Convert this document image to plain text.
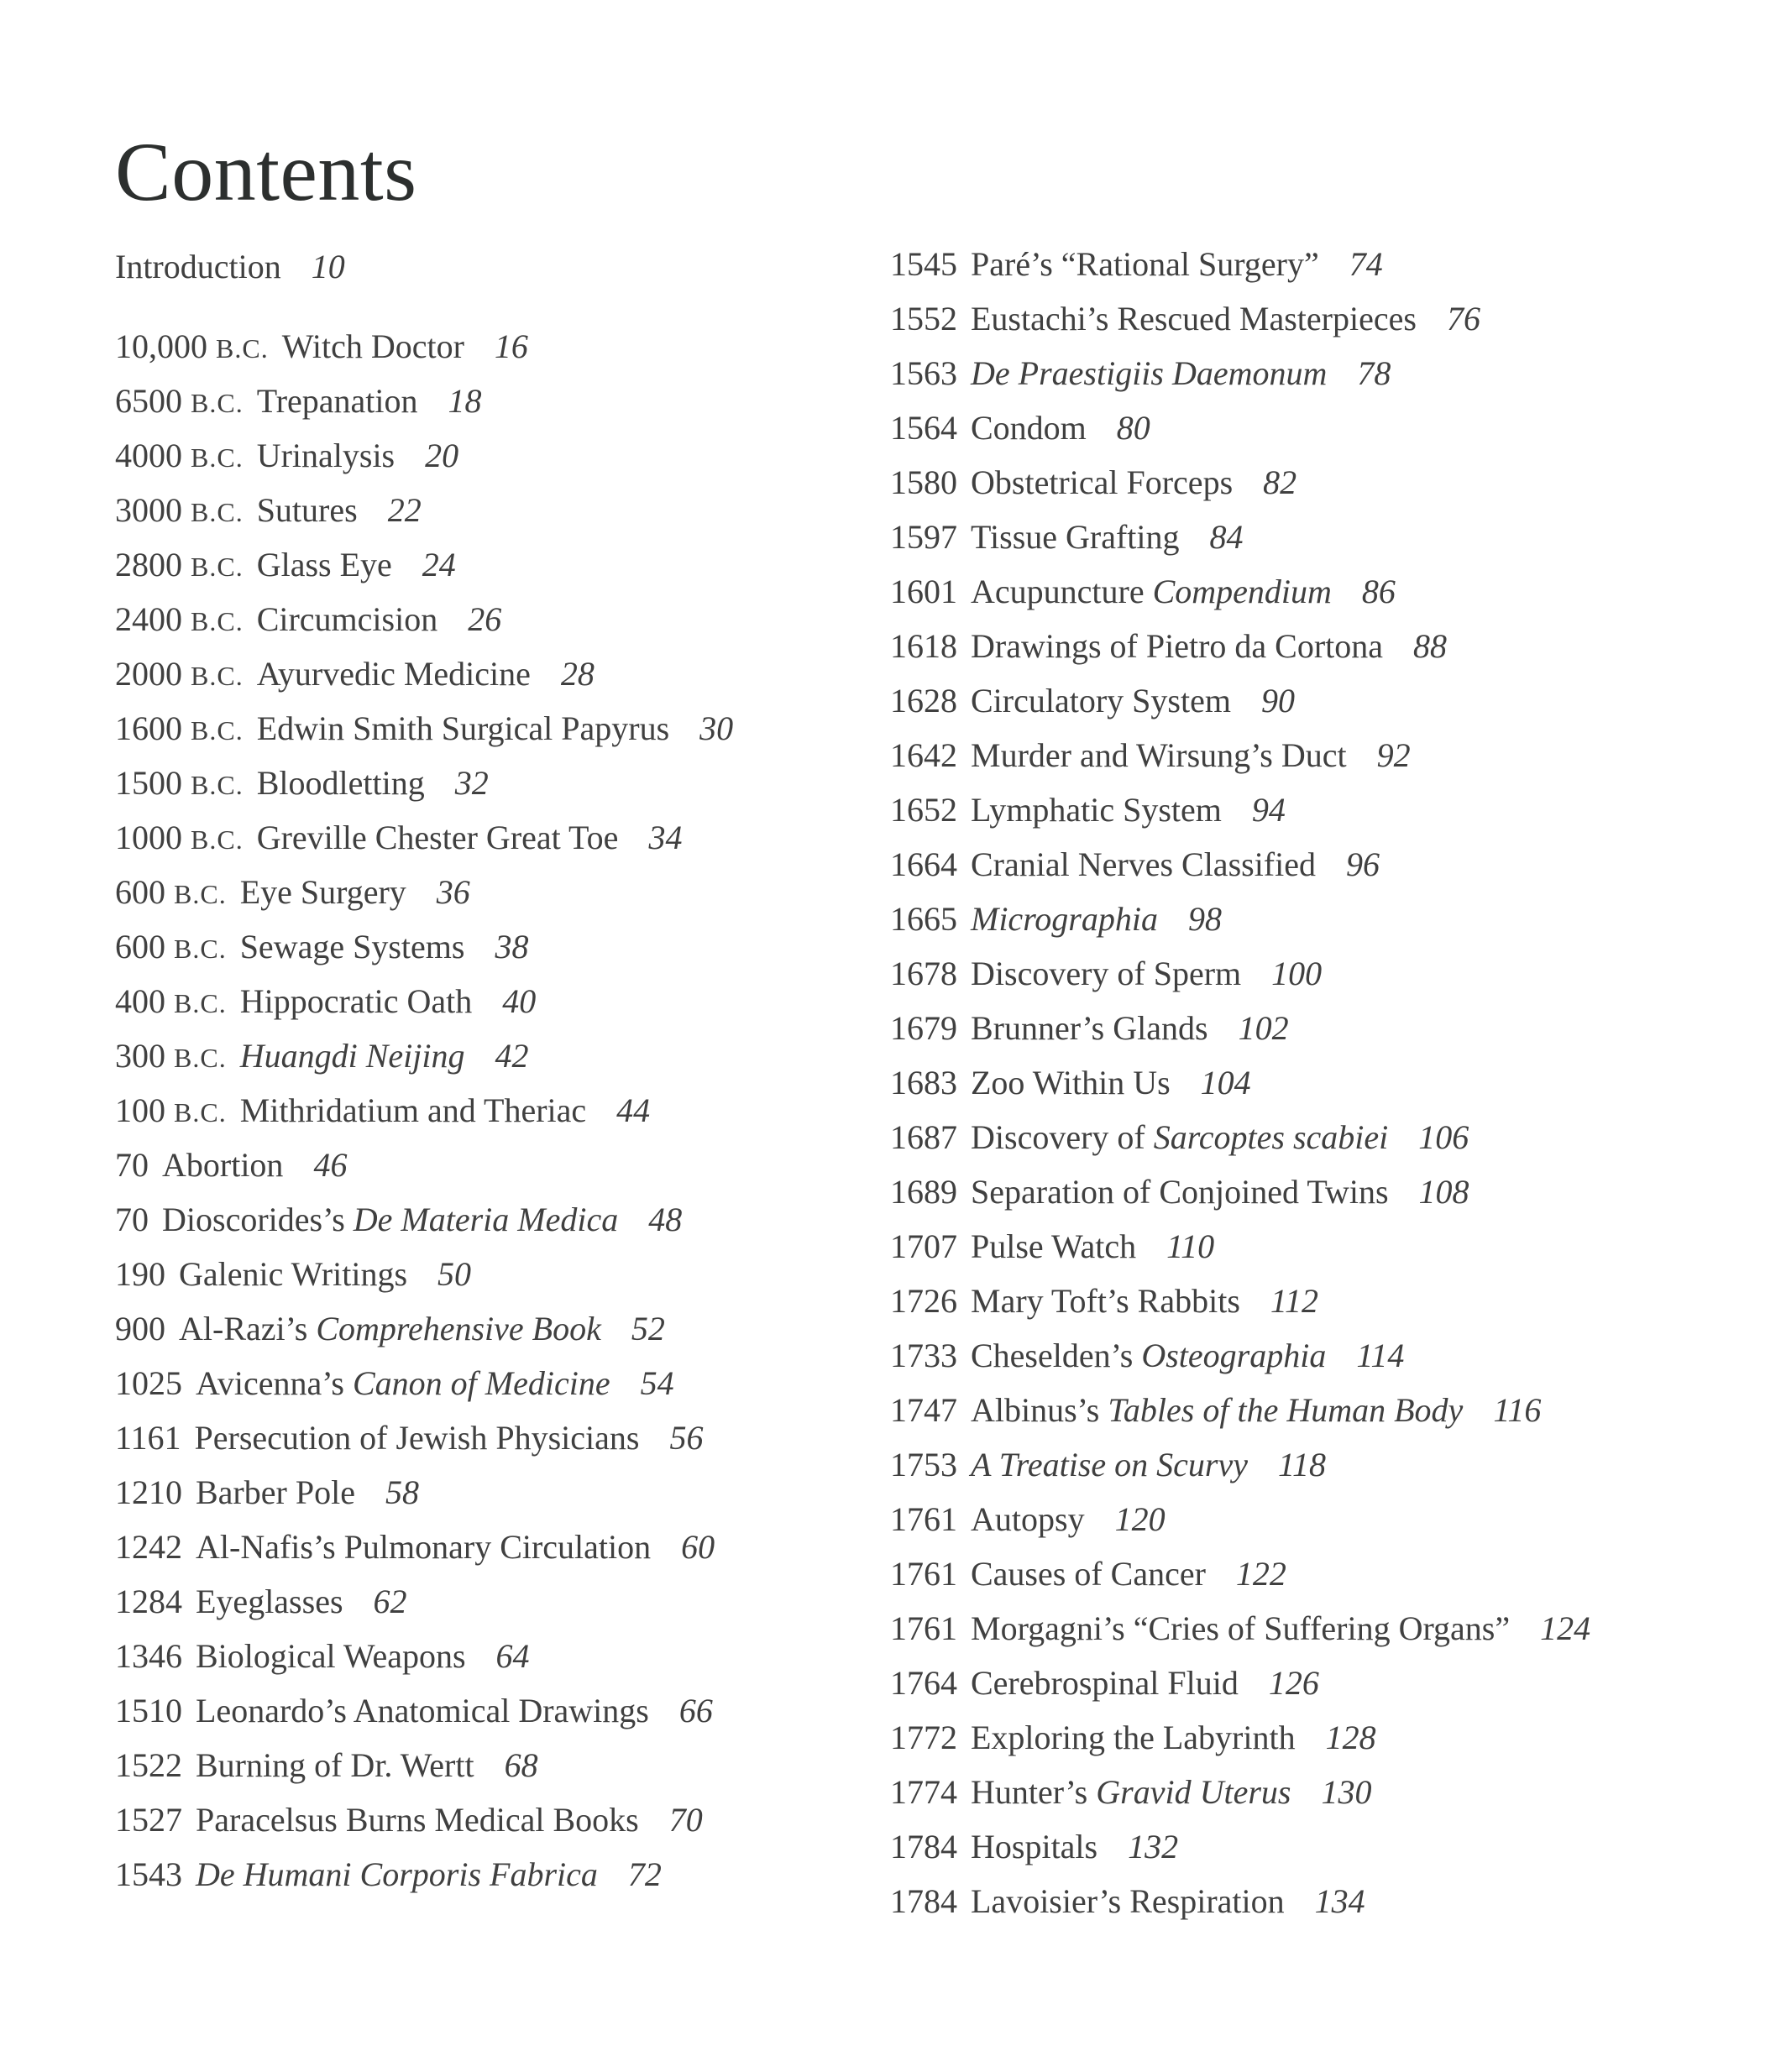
Contents
Introduction 10
10,000 B.C. Witch Doctor 16
6500 B.C. Trepanation 18
4000 B.C. Urinalysis 20
3000 B.C. Sutures 22
2800 B.C. Glass Eye 24
2400 B.C. Circumcision 26
2000 B.C. Ayurvedic Medicine 28
1600 B.C. Edwin Smith Surgical Papyrus 30
1500 B.C. Bloodletting 32
1000 B.C. Greville Chester Great Toe 34
600 B.C. Eye Surgery 36
600 B.C. Sewage Systems 38
400 B.C. Hippocratic Oath 40
300 B.C. Huangdi Neijing 42
100 B.C. Mithridatium and Theriac 44
70 Abortion 46
70 Dioscorides’s De Materia Medica 48
190 Galenic Writings 50
900 Al-Razi’s Comprehensive Book 52
1025 Avicenna’s Canon of Medicine 54
1161 Persecution of Jewish Physicians 56
1210 Barber Pole 58
1242 Al-Nafis’s Pulmonary Circulation 60
1284 Eyeglasses 62
1346 Biological Weapons 64
1510 Leonardo’s Anatomical Drawings 66
1522 Burning of Dr. Wertt 68
1527 Paracelsus Burns Medical Books 70
1543 De Humani Corporis Fabrica 72
1545 Paré’s “Rational Surgery” 74
1552 Eustachi’s Rescued Masterpieces 76
1563 De Praestigiis Daemonum 78
1564 Condom 80
1580 Obstetrical Forceps 82
1597 Tissue Grafting 84
1601 Acupuncture Compendium 86
1618 Drawings of Pietro da Cortona 88
1628 Circulatory System 90
1642 Murder and Wirsung’s Duct 92
1652 Lymphatic System 94
1664 Cranial Nerves Classified 96
1665 Micrographia 98
1678 Discovery of Sperm 100
1679 Brunner’s Glands 102
1683 Zoo Within Us 104
1687 Discovery of Sarcoptes scabiei 106
1689 Separation of Conjoined Twins 108
1707 Pulse Watch 110
1726 Mary Toft’s Rabbits 112
1733 Cheselden’s Osteographia 114
1747 Albinus’s Tables of the Human Body 116
1753 A Treatise on Scurvy 118
1761 Autopsy 120
1761 Causes of Cancer 122
1761 Morgagni’s “Cries of Suffering Organs” 124
1764 Cerebrospinal Fluid 126
1772 Exploring the Labyrinth 128
1774 Hunter’s Gravid Uterus 130
1784 Hospitals 132
1784 Lavoisier’s Respiration 134
